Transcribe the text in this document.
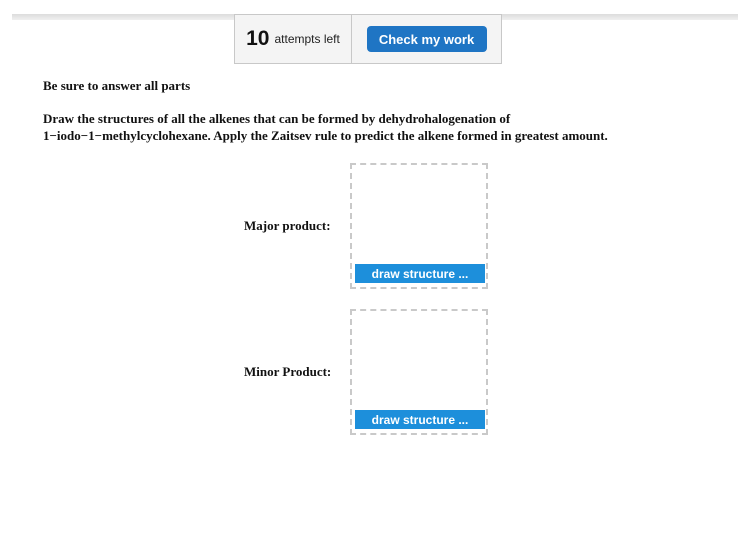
10 attempts left	Check my work

Be sure to answer all parts

Draw the structures of all the alkenes that can be formed by dehydrohalogenation of
1−iodo−1−methylcyclohexane. Apply the Zaitsev rule to predict the alkene formed in greatest amount.

Major product:
draw structure ...
Minor Product:
draw structure ...
